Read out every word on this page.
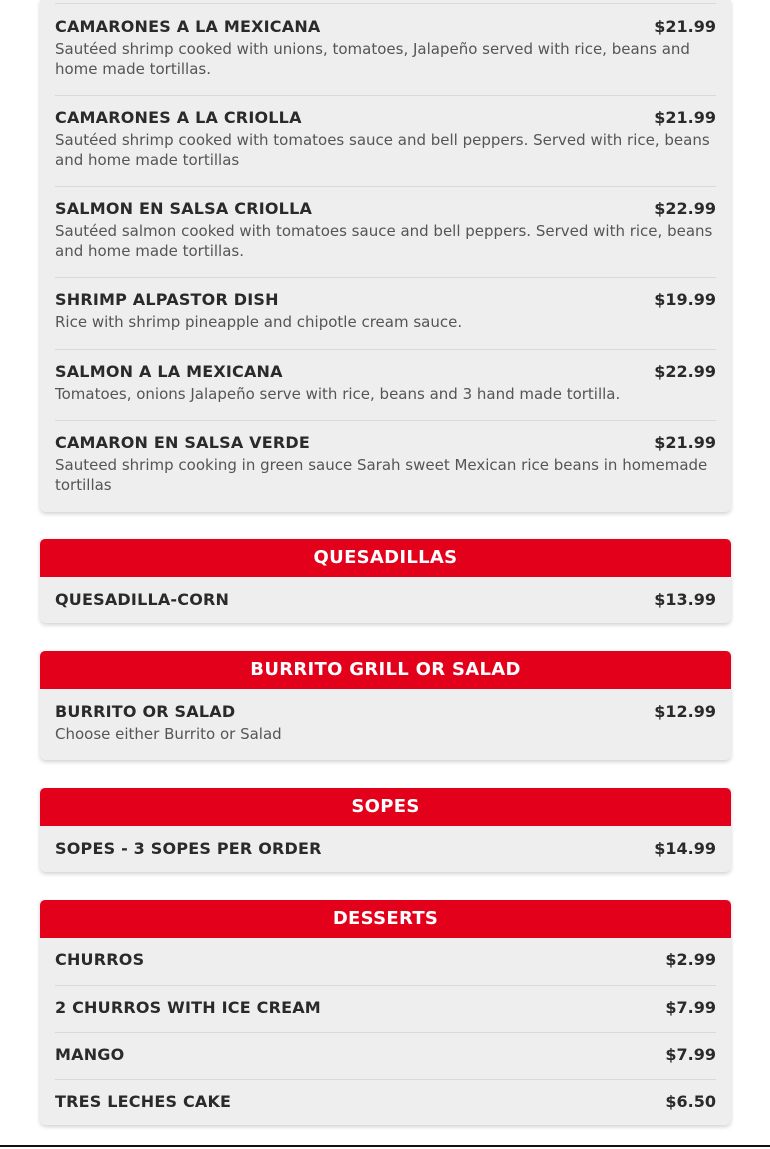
CAMARONES A LA MEXICANA	$21.99
Sautéed shrimp cooked with unions, tomatoes, Jalapeño served with rice, beans and home made tortillas.
CAMARONES A LA CRIOLLA	$21.99
Sautéed shrimp cooked with tomatoes sauce and bell peppers. Served with rice, beans and home made tortillas
SALMON EN SALSA CRIOLLA	$22.99
Sautéed salmon cooked with tomatoes sauce and bell peppers. Served with rice, beans and home made tortillas.
SHRIMP ALPASTOR DISH	$19.99
Rice with shrimp pineapple and chipotle cream sauce.
SALMON A LA MEXICANA	$22.99
Tomatoes, onions Jalapeño serve with rice, beans and 3 hand made tortilla.
CAMARON EN SALSA VERDE	$21.99
Sauteed shrimp cooking in green sauce Sarah sweet Mexican rice beans in homemade tortillas
QUESADILLAS
QUESADILLA-CORN	$13.99
BURRITO GRILL OR SALAD
BURRITO OR SALAD	$12.99
Choose either Burrito or Salad
SOPES
SOPES - 3 SOPES PER ORDER	$14.99
DESSERTS
CHURROS	$2.99
2 CHURROS WITH ICE CREAM	$7.99
MANGO	$7.99
TRES LECHES CAKE	$6.50
